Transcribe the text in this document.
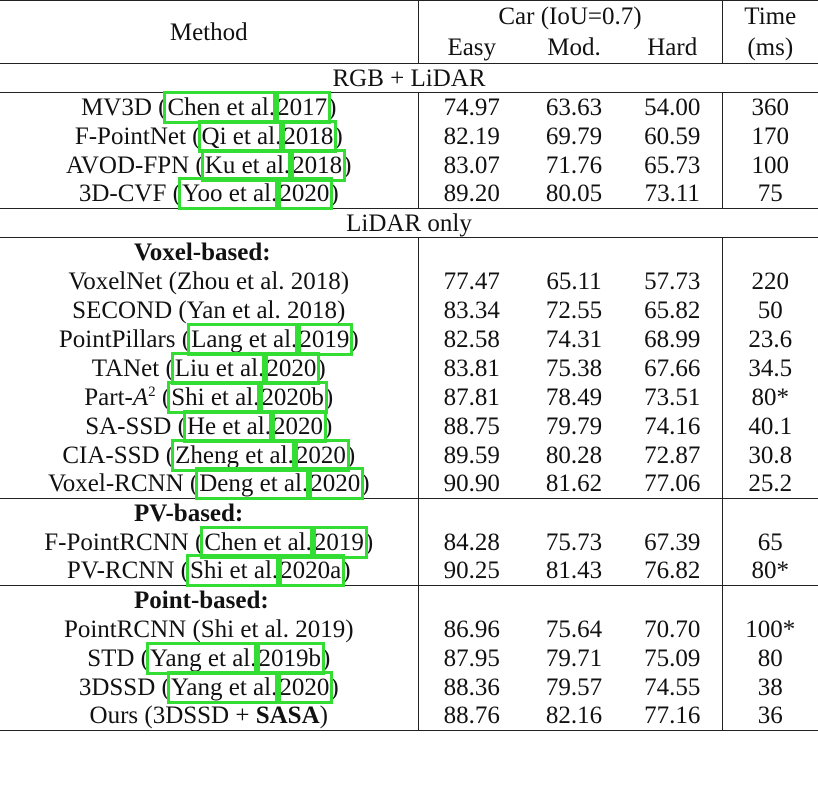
Method	Car (IoU=0.7)			Time
	Easy	Mod.	Hard	(ms)
RGB + LiDAR				
MV3D (Chen et al.2017)	74.97	63.63	54.00	360
F-PointNet (Qi et al.2018)	82.19	69.79	60.59	170
AVOD-FPN (Ku et al.2018)	83.07	71.76	65.73	100
3D-CVF (Yoo et al.2020)	89.20	80.05	73.11	75
LiDAR only				
Voxel-based:				
VoxelNet (Zhou et al. 2018)	77.47	65.11	57.73	220
SECOND (Yan et al. 2018)	83.34	72.55	65.82	50
PointPillars (Lang et al.2019)	82.58	74.31	68.99	23.6
TANet (Liu et al.2020)	83.81	75.38	67.66	34.5
Part-$A^2$ (Shi et al.2020b)	87.81	78.49	73.51	80*
SA-SSD (He et al.2020)	88.75	79.79	74.16	40.1
CIA-SSD (Zheng et al.2020)	89.59	80.28	72.87	30.8
Voxel-RCNN (Deng et al.2020)	90.90	81.62	77.06	25.2
PV-based:				
F-PointRCNN (Chen et al.2019)	84.28	75.73	67.39	65
PV-RCNN (Shi et al.2020a)	90.25	81.43	76.82	80*
Point-based:				
PointRCNN (Shi et al. 2019)	86.96	75.64	70.70	100*
STD (Yang et al.2019b)	87.95	79.71	75.09	80
3DSSD (Yang et al.2020)	88.36	79.57	74.55	38
Ours (3DSSD + SASA)	88.76	82.16	77.16	36
